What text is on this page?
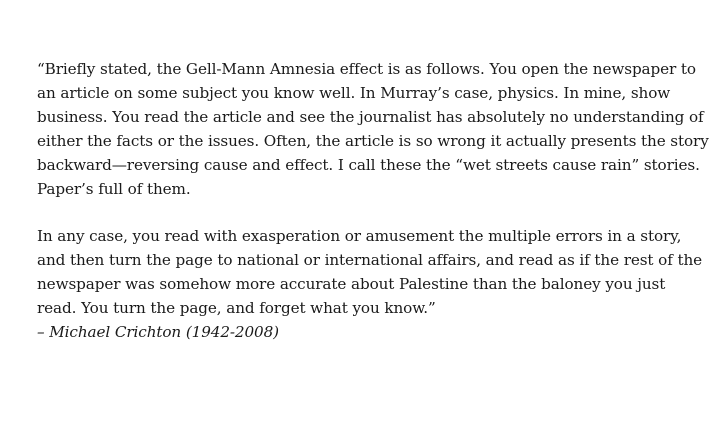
“Briefly stated, the Gell-Mann Amnesia effect is as follows. You open the newspaper to an article on some subject you know well. In Murray’s case, physics. In mine, show business. You read the article and see the journalist has absolutely no understanding of either the facts or the issues. Often, the article is so wrong it actually presents the story backward—reversing cause and effect. I call these the “wet streets cause rain” stories. Paper’s full of them.

In any case, you read with exasperation or amusement the multiple errors in a story, and then turn the page to national or international affairs, and read as if the rest of the newspaper was somehow more accurate about Palestine than the baloney you just read. You turn the page, and forget what you know.”

– Michael Crichton (1942-2008)
